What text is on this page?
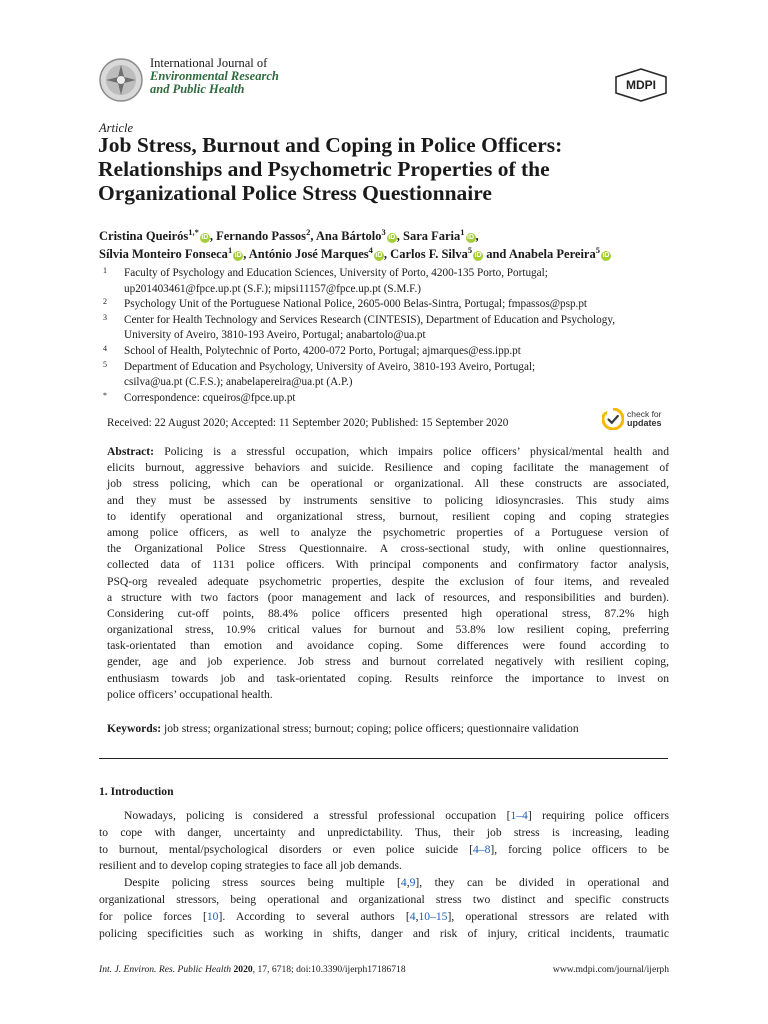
International Journal of
Environmental Research
and Public Health	MDPI
Article
Job Stress, Burnout and Coping in Police Officers:
Relationships and Psychometric Properties of the
Organizational Police Stress Questionnaire
Cristina Queirós$^{1,*}$iD , Fernando Passos$^2$, Ana Bártolo$^3$iD , Sara Faria$^1$iD ,
Sílvia Monteiro Fonseca$^1$iD , António José Marques$^4$iD , Carlos F. Silva$^5$iD and Anabela Pereira$^5$iD
1	Faculty of Psychology and Education Sciences, University of Porto, 4200-135 Porto, Portugal;
up201403461@fpce.up.pt (S.F.); mipsi11157@fpce.up.pt (S.M.F.)
2	Psychology Unit of the Portuguese National Police, 2605-000 Belas-Sintra, Portugal; fmpassos@psp.pt
3	Center for Health Technology and Services Research (CINTESIS), Department of Education and Psychology,
University of Aveiro, 3810-193 Aveiro, Portugal; anabartolo@ua.pt
4	School of Health, Polytechnic of Porto, 4200-072 Porto, Portugal; ajmarques@ess.ipp.pt
5	Department of Education and Psychology, University of Aveiro, 3810-193 Aveiro, Portugal;
csilva@ua.pt (C.F.S.); anabelapereira@ua.pt (A.P.)
*	Correspondence: cqueiros@fpce.up.pt
Received: 22 August 2020; Accepted: 11 September 2020; Published: 15 September 2020
check for
updates
Abstract: Policing is a stressful occupation, which impairs police officers’ physical/mental health and
elicits burnout, aggressive behaviors and suicide. Resilience and coping facilitate the management of
job stress policing, which can be operational or organizational. All these constructs are associated,
and they must be assessed by instruments sensitive to policing idiosyncrasies. This study aims
to identify operational and organizational stress, burnout, resilient coping and coping strategies
among police officers, as well to analyze the psychometric properties of a Portuguese version of
the Organizational Police Stress Questionnaire. A cross-sectional study, with online questionnaires,
collected data of 1131 police officers. With principal components and confirmatory factor analysis,
PSQ-org revealed adequate psychometric properties, despite the exclusion of four items, and revealed
a structure with two factors (poor management and lack of resources, and responsibilities and burden).
Considering cut-off points, 88.4% police officers presented high operational stress, 87.2% high
organizational stress, 10.9% critical values for burnout and 53.8% low resilient coping, preferring
task-orientated than emotion and avoidance coping. Some differences were found according to
gender, age and job experience. Job stress and burnout correlated negatively with resilient coping,
enthusiasm towards job and task-orientated coping. Results reinforce the importance to invest on
police officers’ occupational health.
Keywords: job stress; organizational stress; burnout; coping; police officers; questionnaire validation
1. Introduction
Nowadays, policing is considered a stressful professional occupation [1–4] requiring police officers
to cope with danger, uncertainty and unpredictability. Thus, their job stress is increasing, leading
to burnout, mental/psychological disorders or even police suicide [4–8], forcing police officers to be
resilient and to develop coping strategies to face all job demands.
Despite policing stress sources being multiple [4,9], they can be divided in operational and
organizational stressors, being operational and organizational stress two distinct and specific constructs
for police forces [10]. According to several authors [4,10–15], operational stressors are related with
policing specificities such as working in shifts, danger and risk of injury, critical incidents, traumatic
Int. J. Environ. Res. Public Health 2020, 17, 6718; doi:10.3390/ijerph17186718	www.mdpi.com/journal/ijerph
